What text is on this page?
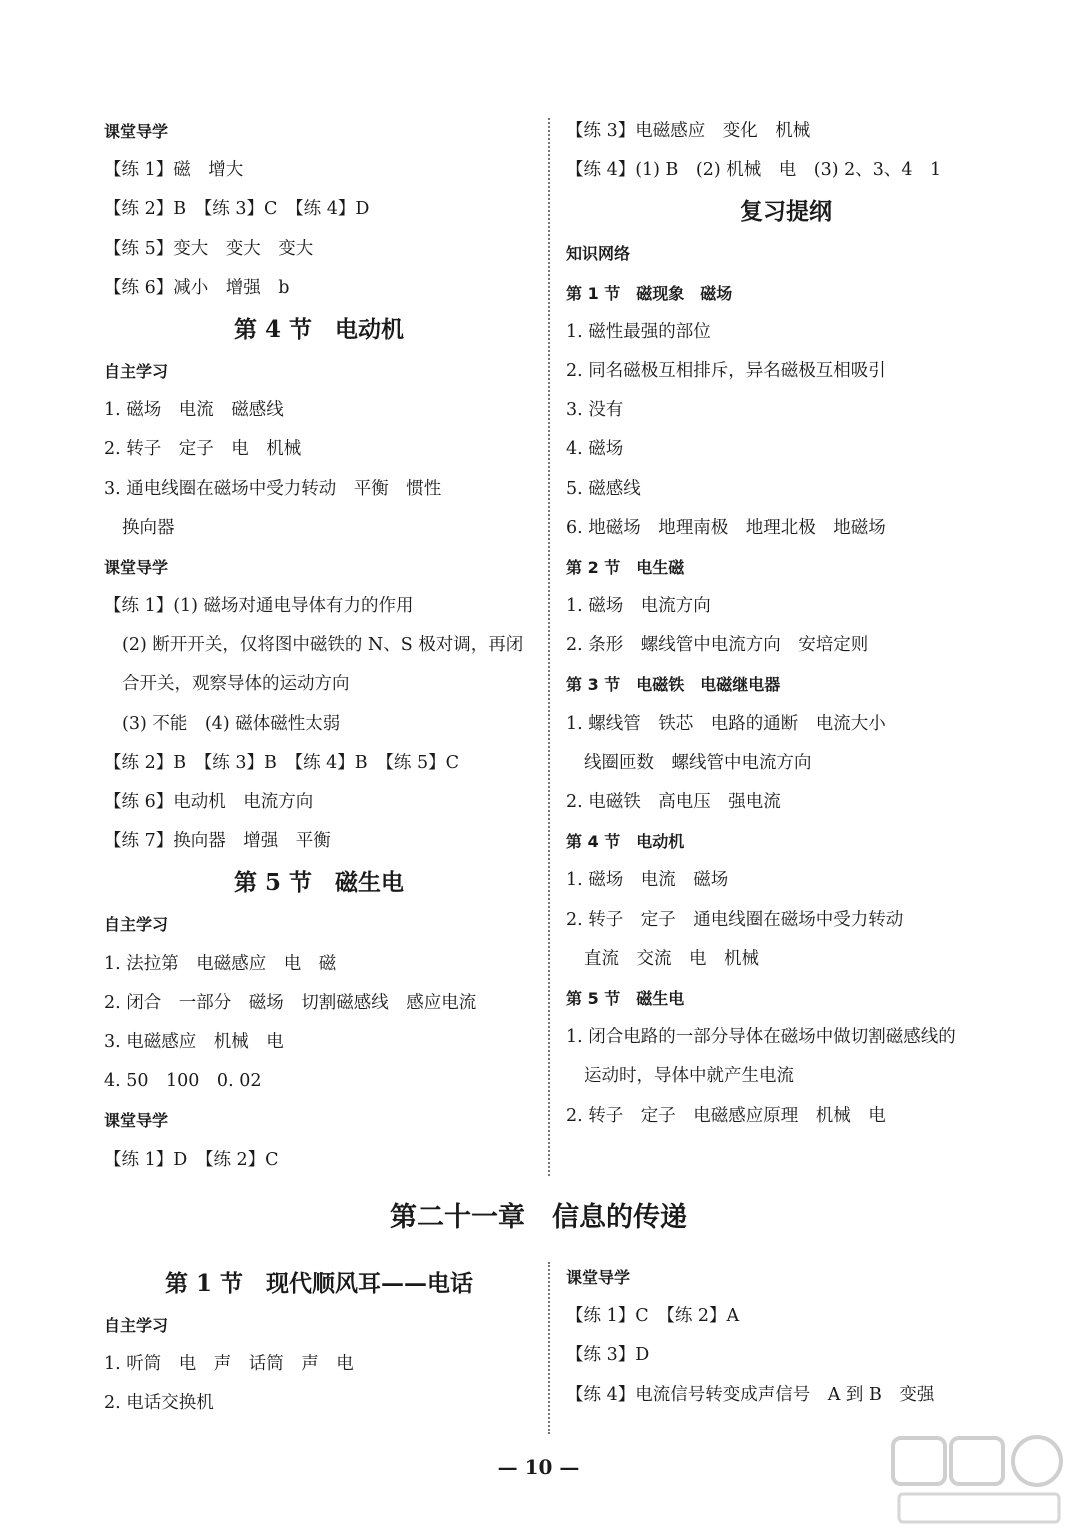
课堂导学
【练 1】磁　增大
【练 2】B　【练 3】C　【练 4】D
【练 5】变大　变大　变大
【练 6】减小　增强　b
第 4 节　电动机
自主学习
1. 磁场　电流　磁感线
2. 转子　定子　电　机械
3. 通电线圈在磁场中受力转动　平衡　惯性
换向器
课堂导学
【练 1】(1) 磁场对通电导体有力的作用
(2) 断开开关，仅将图中磁铁的 N、S 极对调，再闭
合开关，观察导体的运动方向
(3) 不能　(4) 磁体磁性太弱
【练 2】B　【练 3】B　【练 4】B　【练 5】C
【练 6】电动机　电流方向
【练 7】换向器　增强　平衡
第 5 节　磁生电
自主学习
1. 法拉第　电磁感应　电　磁
2. 闭合　一部分　磁场　切割磁感线　感应电流
3. 电磁感应　机械　电
4. 50　100　0. 02
课堂导学
【练 1】D　【练 2】C
【练 3】电磁感应　变化　机械
【练 4】(1) B　(2) 机械　电　(3) 2、3、4　1
复习提纲
知识网络
第 1 节　磁现象　磁场
1. 磁性最强的部位
2. 同名磁极互相排斥，异名磁极互相吸引
3. 没有
4. 磁场
5. 磁感线
6. 地磁场　地理南极　地理北极　地磁场
第 2 节　电生磁
1. 磁场　电流方向
2. 条形　螺线管中电流方向　安培定则
第 3 节　电磁铁　电磁继电器
1. 螺线管　铁芯　电路的通断　电流大小
线圈匝数　螺线管中电流方向
2. 电磁铁　高电压　强电流
第 4 节　电动机
1. 磁场　电流　磁场
2. 转子　定子　通电线圈在磁场中受力转动
直流　交流　电　机械
第 5 节　磁生电
1. 闭合电路的一部分导体在磁场中做切割磁感线的
运动时，导体中就产生电流
2. 转子　定子　电磁感应原理　机械　电
第二十一章　信息的传递
第 1 节　现代顺风耳——电话
自主学习
1. 听筒　电　声　话筒　声　电
2. 电话交换机
课堂导学
【练 1】C　【练 2】A
【练 3】D
【练 4】电流信号转变成声信号　A 到 B　变强
— 10 —
